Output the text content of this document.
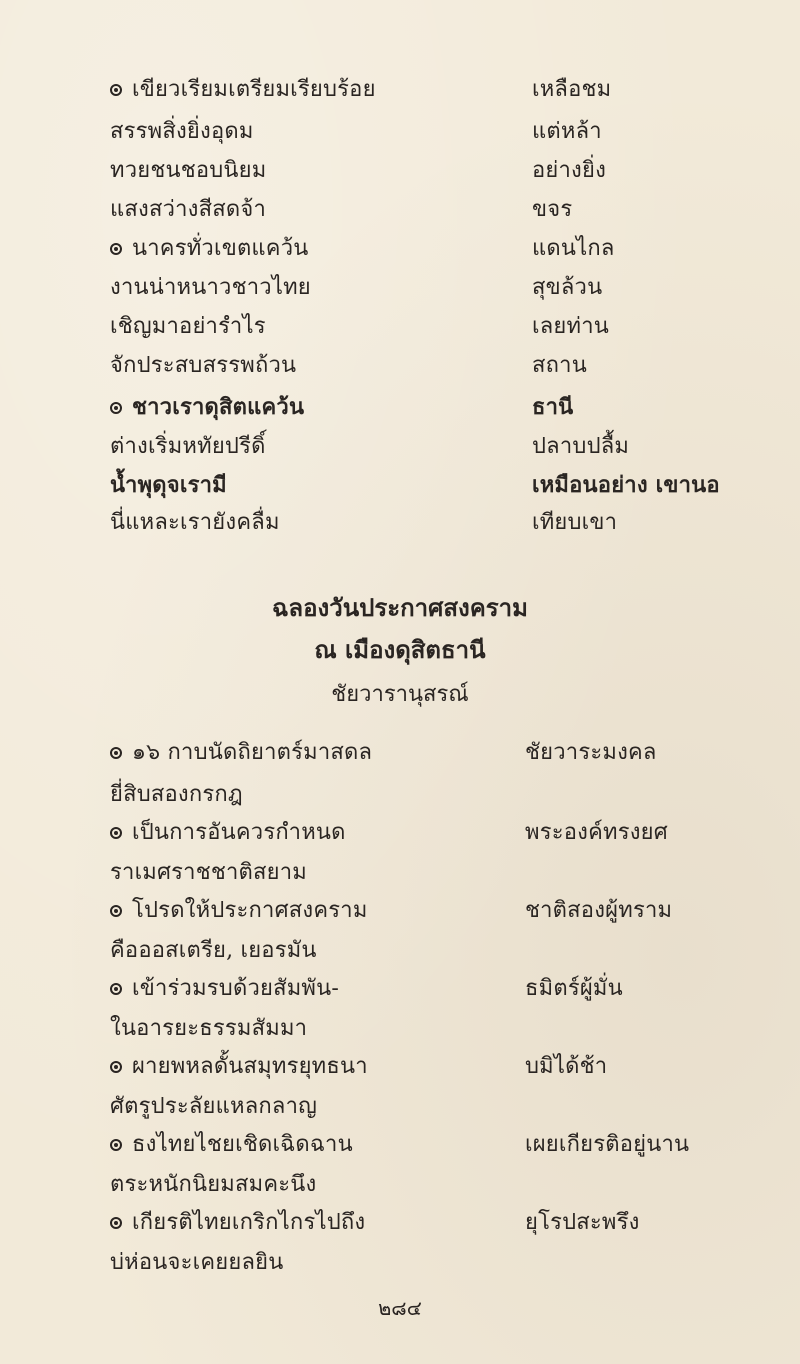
เขียวเรียมเตรียมเรียบร้อย	เหลือชม
สรรพสิ่งยิ่งอุดม	แต่หล้า
ทวยชนชอบนิยม	อย่างยิ่ง
แสงสว่างสีสดจ้า	ขจร
นาครทั่วเขตแคว้น	แดนไกล
งานน่าหนาวชาวไทย	สุขล้วน
เชิญมาอย่ารำไร	เลยท่าน
จักประสบสรรพถ้วน	สถาน
ชาวเราดุสิตแคว้น	ธานี
ต่างเริ่มหทัยปรีดิ์	ปลาบปลื้ม
น้ำพุดุจเรามี	เหมือนอย่าง เขานอ
นี่แหละเรายังคลื่ม	เทียบเขา
ฉลองวันประกาศสงคราม
ณ เมืองดุสิตธานี
ชัยวารานุสรณ์
๑๖ กาบนัดถิยาตร์มาสดล	ชัยวาระมงคล
ยี่สิบสองกรกฎ
เป็นการอันควรกำหนด	พระองค์ทรงยศ
ราเมศราชชาติสยาม
โปรดให้ประกาศสงคราม	ชาติสองผู้ทราม
คือออสเตรีย, เยอรมัน
เข้าร่วมรบด้วยสัมพัน-	ธมิตร์ผู้มั่น
ในอารยะธรรมสัมมา
ผายพหลดั้นสมุทรยุทธนา	บมิได้ช้า
ศัตรูประลัยแหลกลาญ
ธงไทยไชยเชิดเฉิดฉาน	เผยเกียรติอยู่นาน
ตระหนักนิยมสมคะนึง
เกียรติไทยเกริกไกรไปถึง	ยุโรปสะพรึง
บ่ห่อนจะเคยยลยิน
๒๘๔
